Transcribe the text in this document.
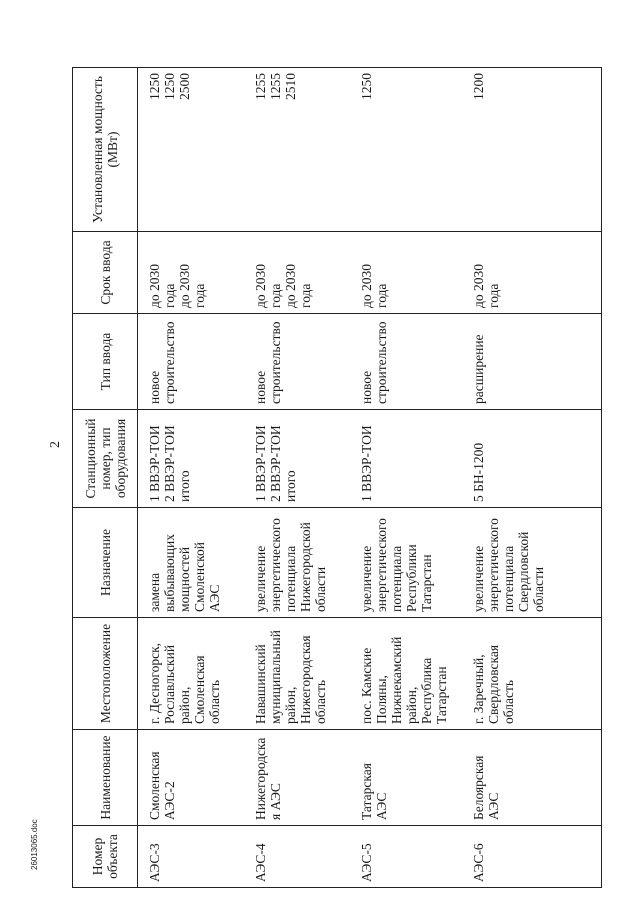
2
26013065.doc	Номер объекта	Наименование	Местоположение	Назначение	Станционный номер, тип оборудования	Тип ввода	Срок ввода	Установленная мощность (МВт)
АЭС-3	Смоленская АЭС-2	г. Десногорск, Рославльский район, Смоленская область	замена выбывающих мощностей Смоленской АЭС	1 ВВЭР-ТОИ 2 ВВЭР-ТОИ итого	новое строительство	до 2030 года до 2030 года	1250 1250 2500

АЭС-4	Нижегородская АЭС	Навашинский муниципальный район, Нижегородская область	увеличение энергетического потенциала Нижегородской области	1 ВВЭР-ТОИ 2 ВВЭР-ТОИ итого	новое строительство	до 2030 года до 2030 года	1255 1255 2510

АЭС-5	Татарская АЭС	пос. Камские Поляны, Нижнекамский район, Республика Татарстан	увеличение энергетического потенциала Республики Татарстан	1 ВВЭР-ТОИ	новое строительство	до 2030 года	1250

АЭС-6	Белоярская АЭС	г. Заречный, Свердловская область	увеличение энергетического потенциала Свердловской области	5 БН-1200	расширение	до 2030 года	1200
